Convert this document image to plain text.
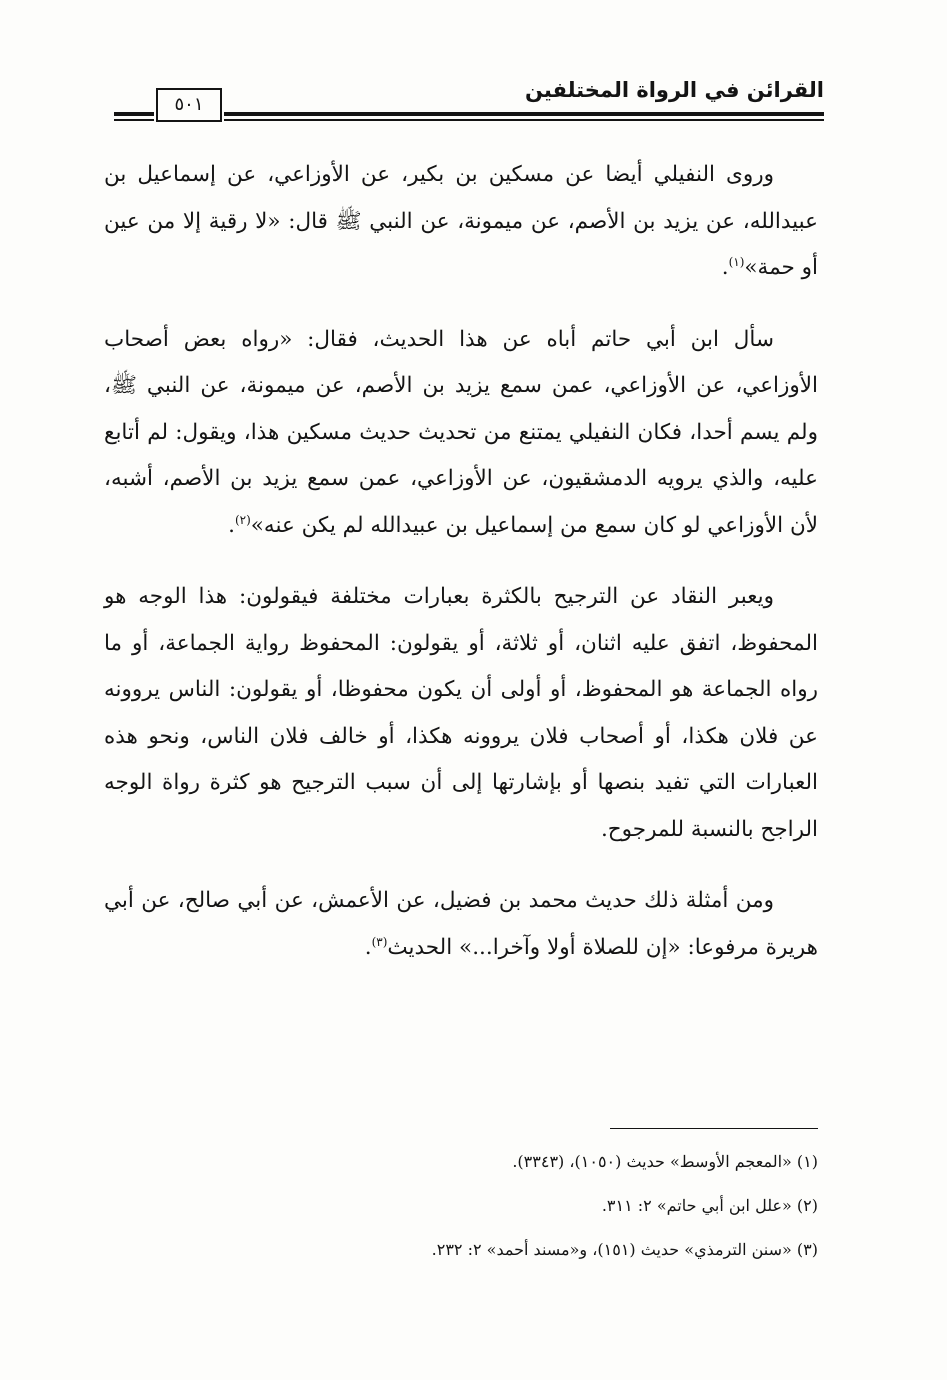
القرائن في الرواة المختلفين
٥٠١

وروى النفيلي أيضا عن مسكين بن بكير، عن الأوزاعي، عن إسماعيل بن عبيدالله، عن يزيد بن الأصم، عن ميمونة، عن النبي ﷺ قال: «لا رقية إلا من عين أو حمة»$^{(١)}$.

سأل ابن أبي حاتم أباه عن هذا الحديث، فقال: «رواه بعض أصحاب الأوزاعي، عن الأوزاعي، عمن سمع يزيد بن الأصم، عن ميمونة، عن النبي ﷺ، ولم يسم أحدا، فكان النفيلي يمتنع من تحديث حديث مسكين هذا، ويقول: لم أتابع عليه، والذي يرويه الدمشقيون، عن الأوزاعي، عمن سمع يزيد بن الأصم، أشبه، لأن الأوزاعي لو كان سمع من إسماعيل بن عبيدالله لم يكن عنه»$^{(٢)}$.

ويعبر النقاد عن الترجيح بالكثرة بعبارات مختلفة فيقولون: هذا الوجه هو المحفوظ، اتفق عليه اثنان، أو ثلاثة، أو يقولون: المحفوظ رواية الجماعة، أو ما رواه الجماعة هو المحفوظ، أو أولى أن يكون محفوظا، أو يقولون: الناس يروونه عن فلان هكذا، أو أصحاب فلان يروونه هكذا، أو خالف فلان الناس، ونحو هذه العبارات التي تفيد بنصها أو بإشارتها إلى أن سبب الترجيح هو كثرة رواة الوجه الراجح بالنسبة للمرجوح.

ومن أمثلة ذلك حديث محمد بن فضيل، عن الأعمش، عن أبي صالح، عن أبي هريرة مرفوعا: «إن للصلاة أولا وآخرا...» الحديث$^{(٣)}$.

(١) «المعجم الأوسط» حديث (١٠٥٠)، (٣٣٤٣).

(٢) «علل ابن أبي حاتم» ٢: ٣١١.

(٣) «سنن الترمذي» حديث (١٥١)، و«مسند أحمد» ٢: ٢٣٢.
